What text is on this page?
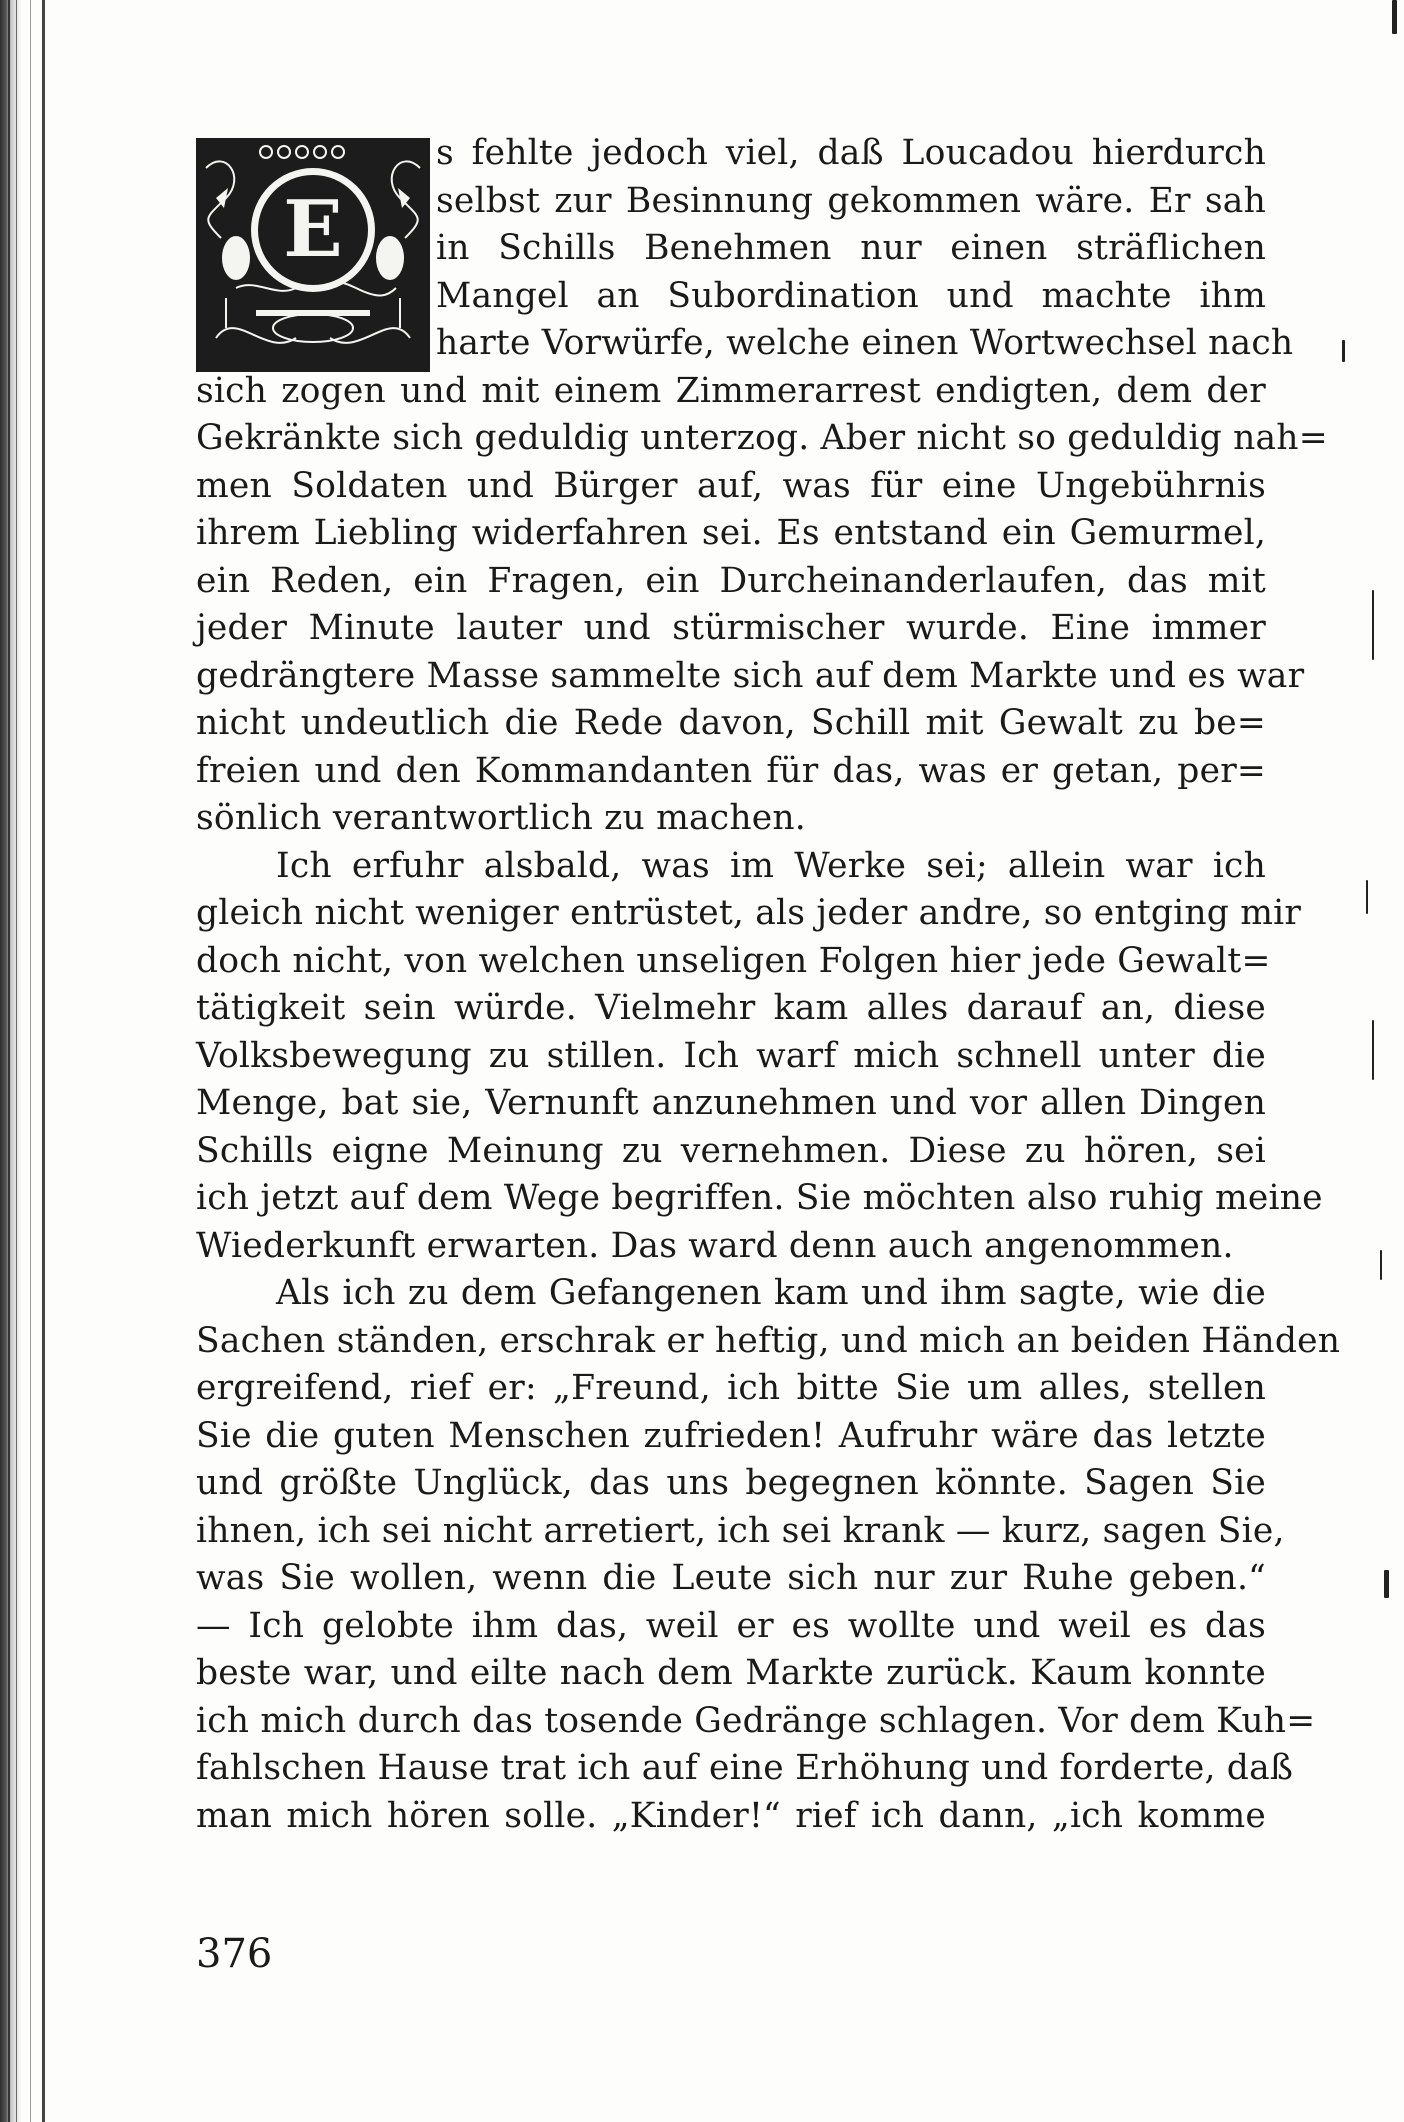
E
s fehlte jedoch viel, daß Loucadou hierdurch
selbst zur Besinnung gekommen wäre. Er sah
in Schills Benehmen nur einen sträflichen
Mangel an Subordination und machte ihm
harte Vorwürfe, welche einen Wortwechsel nach
sich zogen und mit einem Zimmerarrest endigten, dem der
Gekränkte sich geduldig unterzog. Aber nicht so geduldig nah=
men Soldaten und Bürger auf, was für eine Ungebührnis
ihrem Liebling widerfahren sei. Es entstand ein Gemurmel,
ein Reden, ein Fragen, ein Durcheinanderlaufen, das mit
jeder Minute lauter und stürmischer wurde. Eine immer
gedrängtere Masse sammelte sich auf dem Markte und es war
nicht undeutlich die Rede davon, Schill mit Gewalt zu be=
freien und den Kommandanten für das, was er getan, per=
sönlich verantwortlich zu machen.
Ich erfuhr alsbald, was im Werke sei; allein war ich
gleich nicht weniger entrüstet, als jeder andre, so entging mir
doch nicht, von welchen unseligen Folgen hier jede Gewalt=
tätigkeit sein würde. Vielmehr kam alles darauf an, diese
Volksbewegung zu stillen. Ich warf mich schnell unter die
Menge, bat sie, Vernunft anzunehmen und vor allen Dingen
Schills eigne Meinung zu vernehmen. Diese zu hören, sei
ich jetzt auf dem Wege begriffen. Sie möchten also ruhig meine
Wiederkunft erwarten. Das ward denn auch angenommen.
Als ich zu dem Gefangenen kam und ihm sagte, wie die
Sachen ständen, erschrak er heftig, und mich an beiden Händen
ergreifend, rief er: „Freund, ich bitte Sie um alles, stellen
Sie die guten Menschen zufrieden! Aufruhr wäre das letzte
und größte Unglück, das uns begegnen könnte. Sagen Sie
ihnen, ich sei nicht arretiert, ich sei krank — kurz, sagen Sie,
was Sie wollen, wenn die Leute sich nur zur Ruhe geben.“
— Ich gelobte ihm das, weil er es wollte und weil es das
beste war, und eilte nach dem Markte zurück. Kaum konnte
ich mich durch das tosende Gedränge schlagen. Vor dem Kuh=
fahlschen Hause trat ich auf eine Erhöhung und forderte, daß
man mich hören solle. „Kinder!“ rief ich dann, „ich komme
376
